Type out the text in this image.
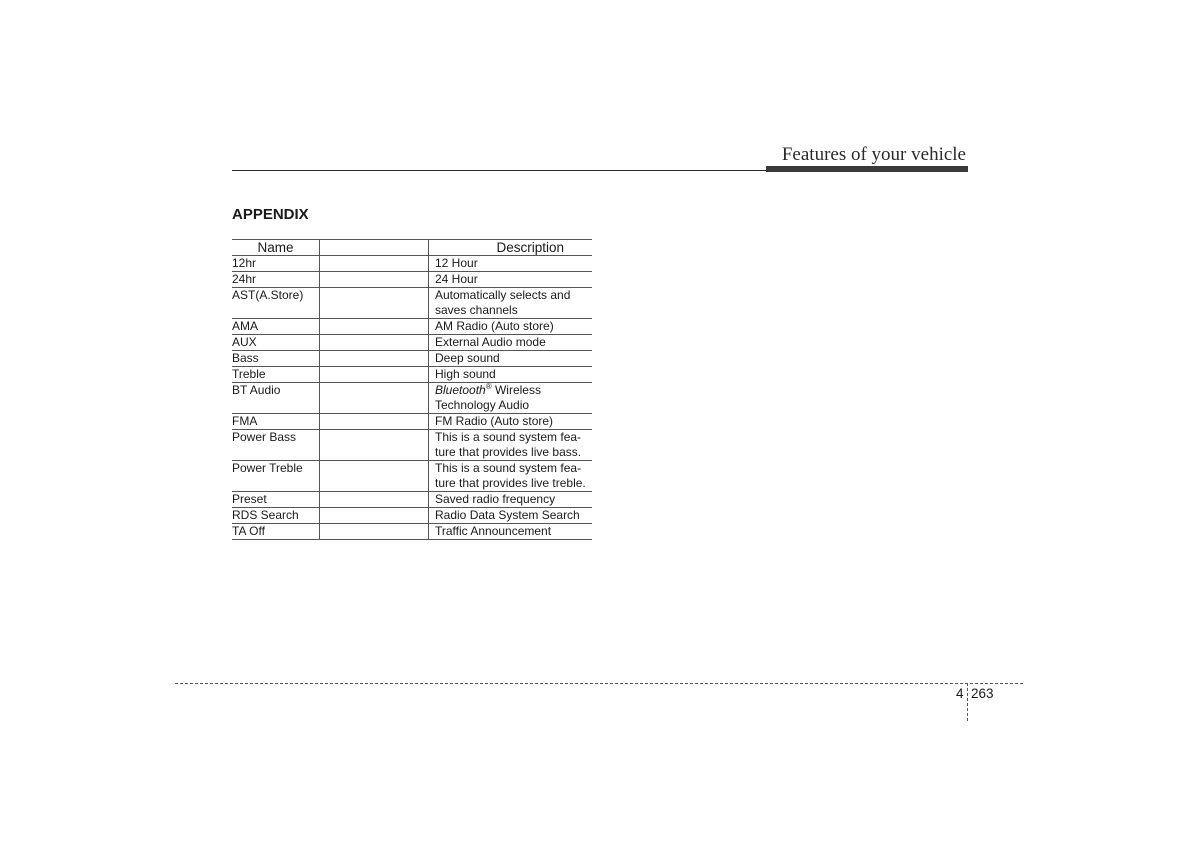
Features of your vehicle
APPENDIX
Name		Description
12hr		12 Hour

24hr		24 Hour

AST(A.Store)		Automatically selects and
saves channels

AMA		AM Radio (Auto store)

AUX		External Audio mode

Bass		Deep sound

Treble		High sound

BT Audio		Bluetooth® Wireless
Technology Audio

FMA		FM Radio (Auto store)

Power Bass		This is a sound system fea-
ture that provides live bass.

Power Treble		This is a sound system fea-
ture that provides live treble.

Preset		Saved radio frequency

RDS Search		Radio Data System Search

TA Off		Traffic Announcement
4 263
